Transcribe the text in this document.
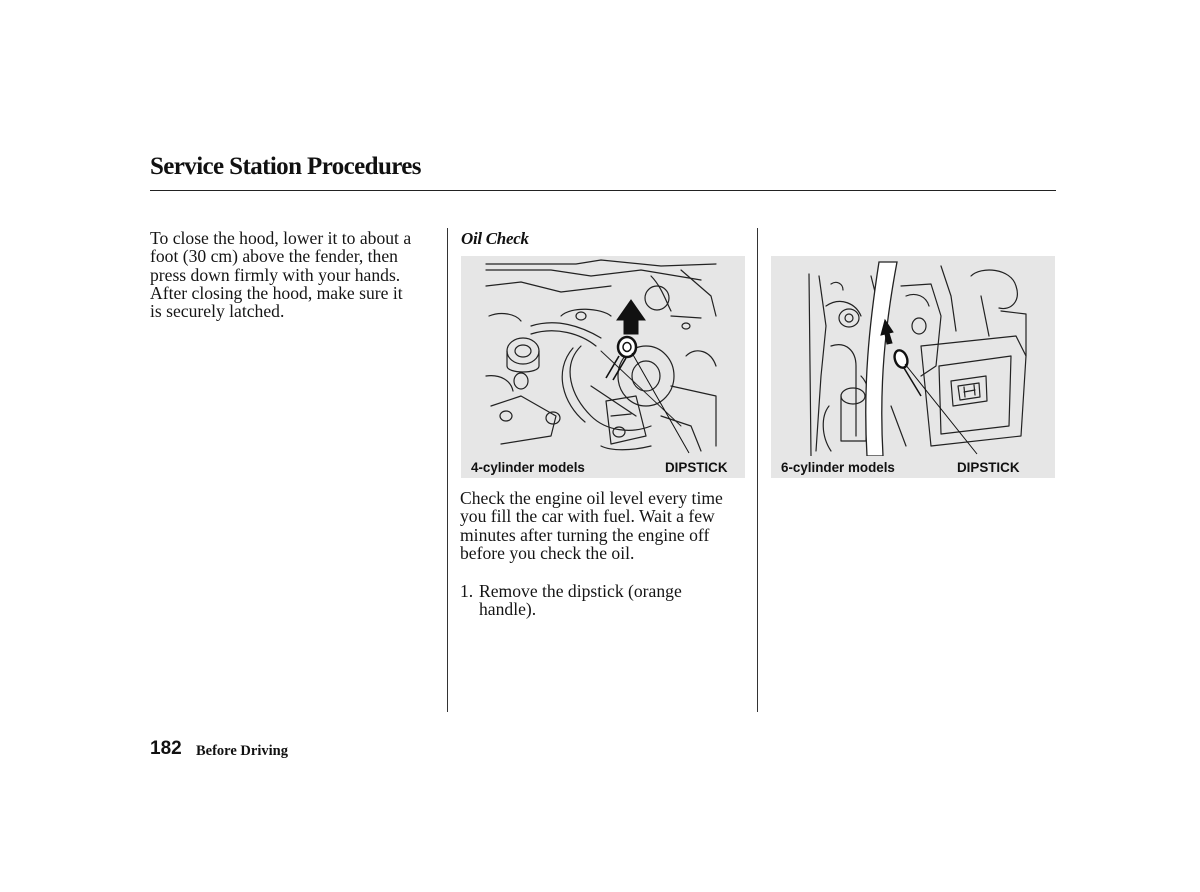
Service Station Procedures
To close the hood, lower it to about a
foot (30 cm) above the fender, then
press down firmly with your hands.
After closing the hood, make sure it
is securely latched.
Oil Check
4-cylinder models	DIPSTICK	6-cylinder models	DIPSTICK
Check the engine oil level every time
you fill the car with fuel. Wait a few
minutes after turning the engine off
before you check the oil.
1. Remove the dipstick (orange
handle).
182 Before Driving
